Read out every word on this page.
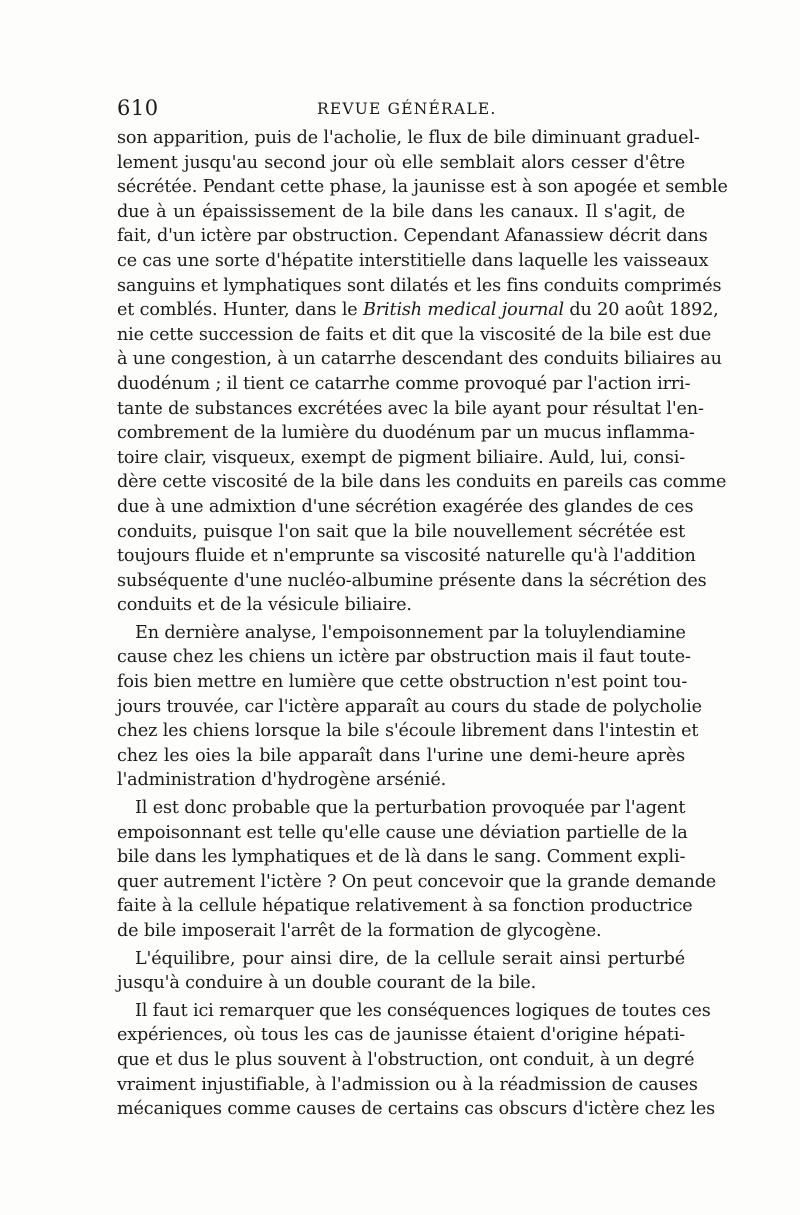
610	REVUE GÉNÉRALE.
son apparition, puis de l'acholie, le flux de bile diminuant graduel-
lement jusqu'au second jour où elle semblait alors cesser d'être
sécrétée. Pendant cette phase, la jaunisse est à son apogée et semble
due à un épaississement de la bile dans les canaux. Il s'agit, de
fait, d'un ictère par obstruction. Cependant Afanassiew décrit dans
ce cas une sorte d'hépatite interstitielle dans laquelle les vaisseaux
sanguins et lymphatiques sont dilatés et les fins conduits comprimés
et comblés. Hunter, dans le British medical journal du 20 août 1892,
nie cette succession de faits et dit que la viscosité de la bile est due
à une congestion, à un catarrhe descendant des conduits biliaires au
duodénum ; il tient ce catarrhe comme provoqué par l'action irri-
tante de substances excrétées avec la bile ayant pour résultat l'en-
combrement de la lumière du duodénum par un mucus inflamma-
toire clair, visqueux, exempt de pigment biliaire. Auld, lui, consi-
dère cette viscosité de la bile dans les conduits en pareils cas comme
due à une admixtion d'une sécrétion exagérée des glandes de ces
conduits, puisque l'on sait que la bile nouvellement sécrétée est
toujours fluide et n'emprunte sa viscosité naturelle qu'à l'addition
subséquente d'une nucléo-albumine présente dans la sécrétion des
conduits et de la vésicule biliaire.
En dernière analyse, l'empoisonnement par la toluylendiamine
cause chez les chiens un ictère par obstruction mais il faut toute-
fois bien mettre en lumière que cette obstruction n'est point tou-
jours trouvée, car l'ictère apparaît au cours du stade de polycholie
chez les chiens lorsque la bile s'écoule librement dans l'intestin et
chez les oies la bile apparaît dans l'urine une demi-heure après
l'administration d'hydrogène arsénié.
Il est donc probable que la perturbation provoquée par l'agent
empoisonnant est telle qu'elle cause une déviation partielle de la
bile dans les lymphatiques et de là dans le sang. Comment expli-
quer autrement l'ictère ? On peut concevoir que la grande demande
faite à la cellule hépatique relativement à sa fonction productrice
de bile imposerait l'arrêt de la formation de glycogène.
L'équilibre, pour ainsi dire, de la cellule serait ainsi perturbé
jusqu'à conduire à un double courant de la bile.
Il faut ici remarquer que les conséquences logiques de toutes ces
expériences, où tous les cas de jaunisse étaient d'origine hépati-
que et dus le plus souvent à l'obstruction, ont conduit, à un degré
vraiment injustifiable, à l'admission ou à la réadmission de causes
mécaniques comme causes de certains cas obscurs d'ictère chez les
